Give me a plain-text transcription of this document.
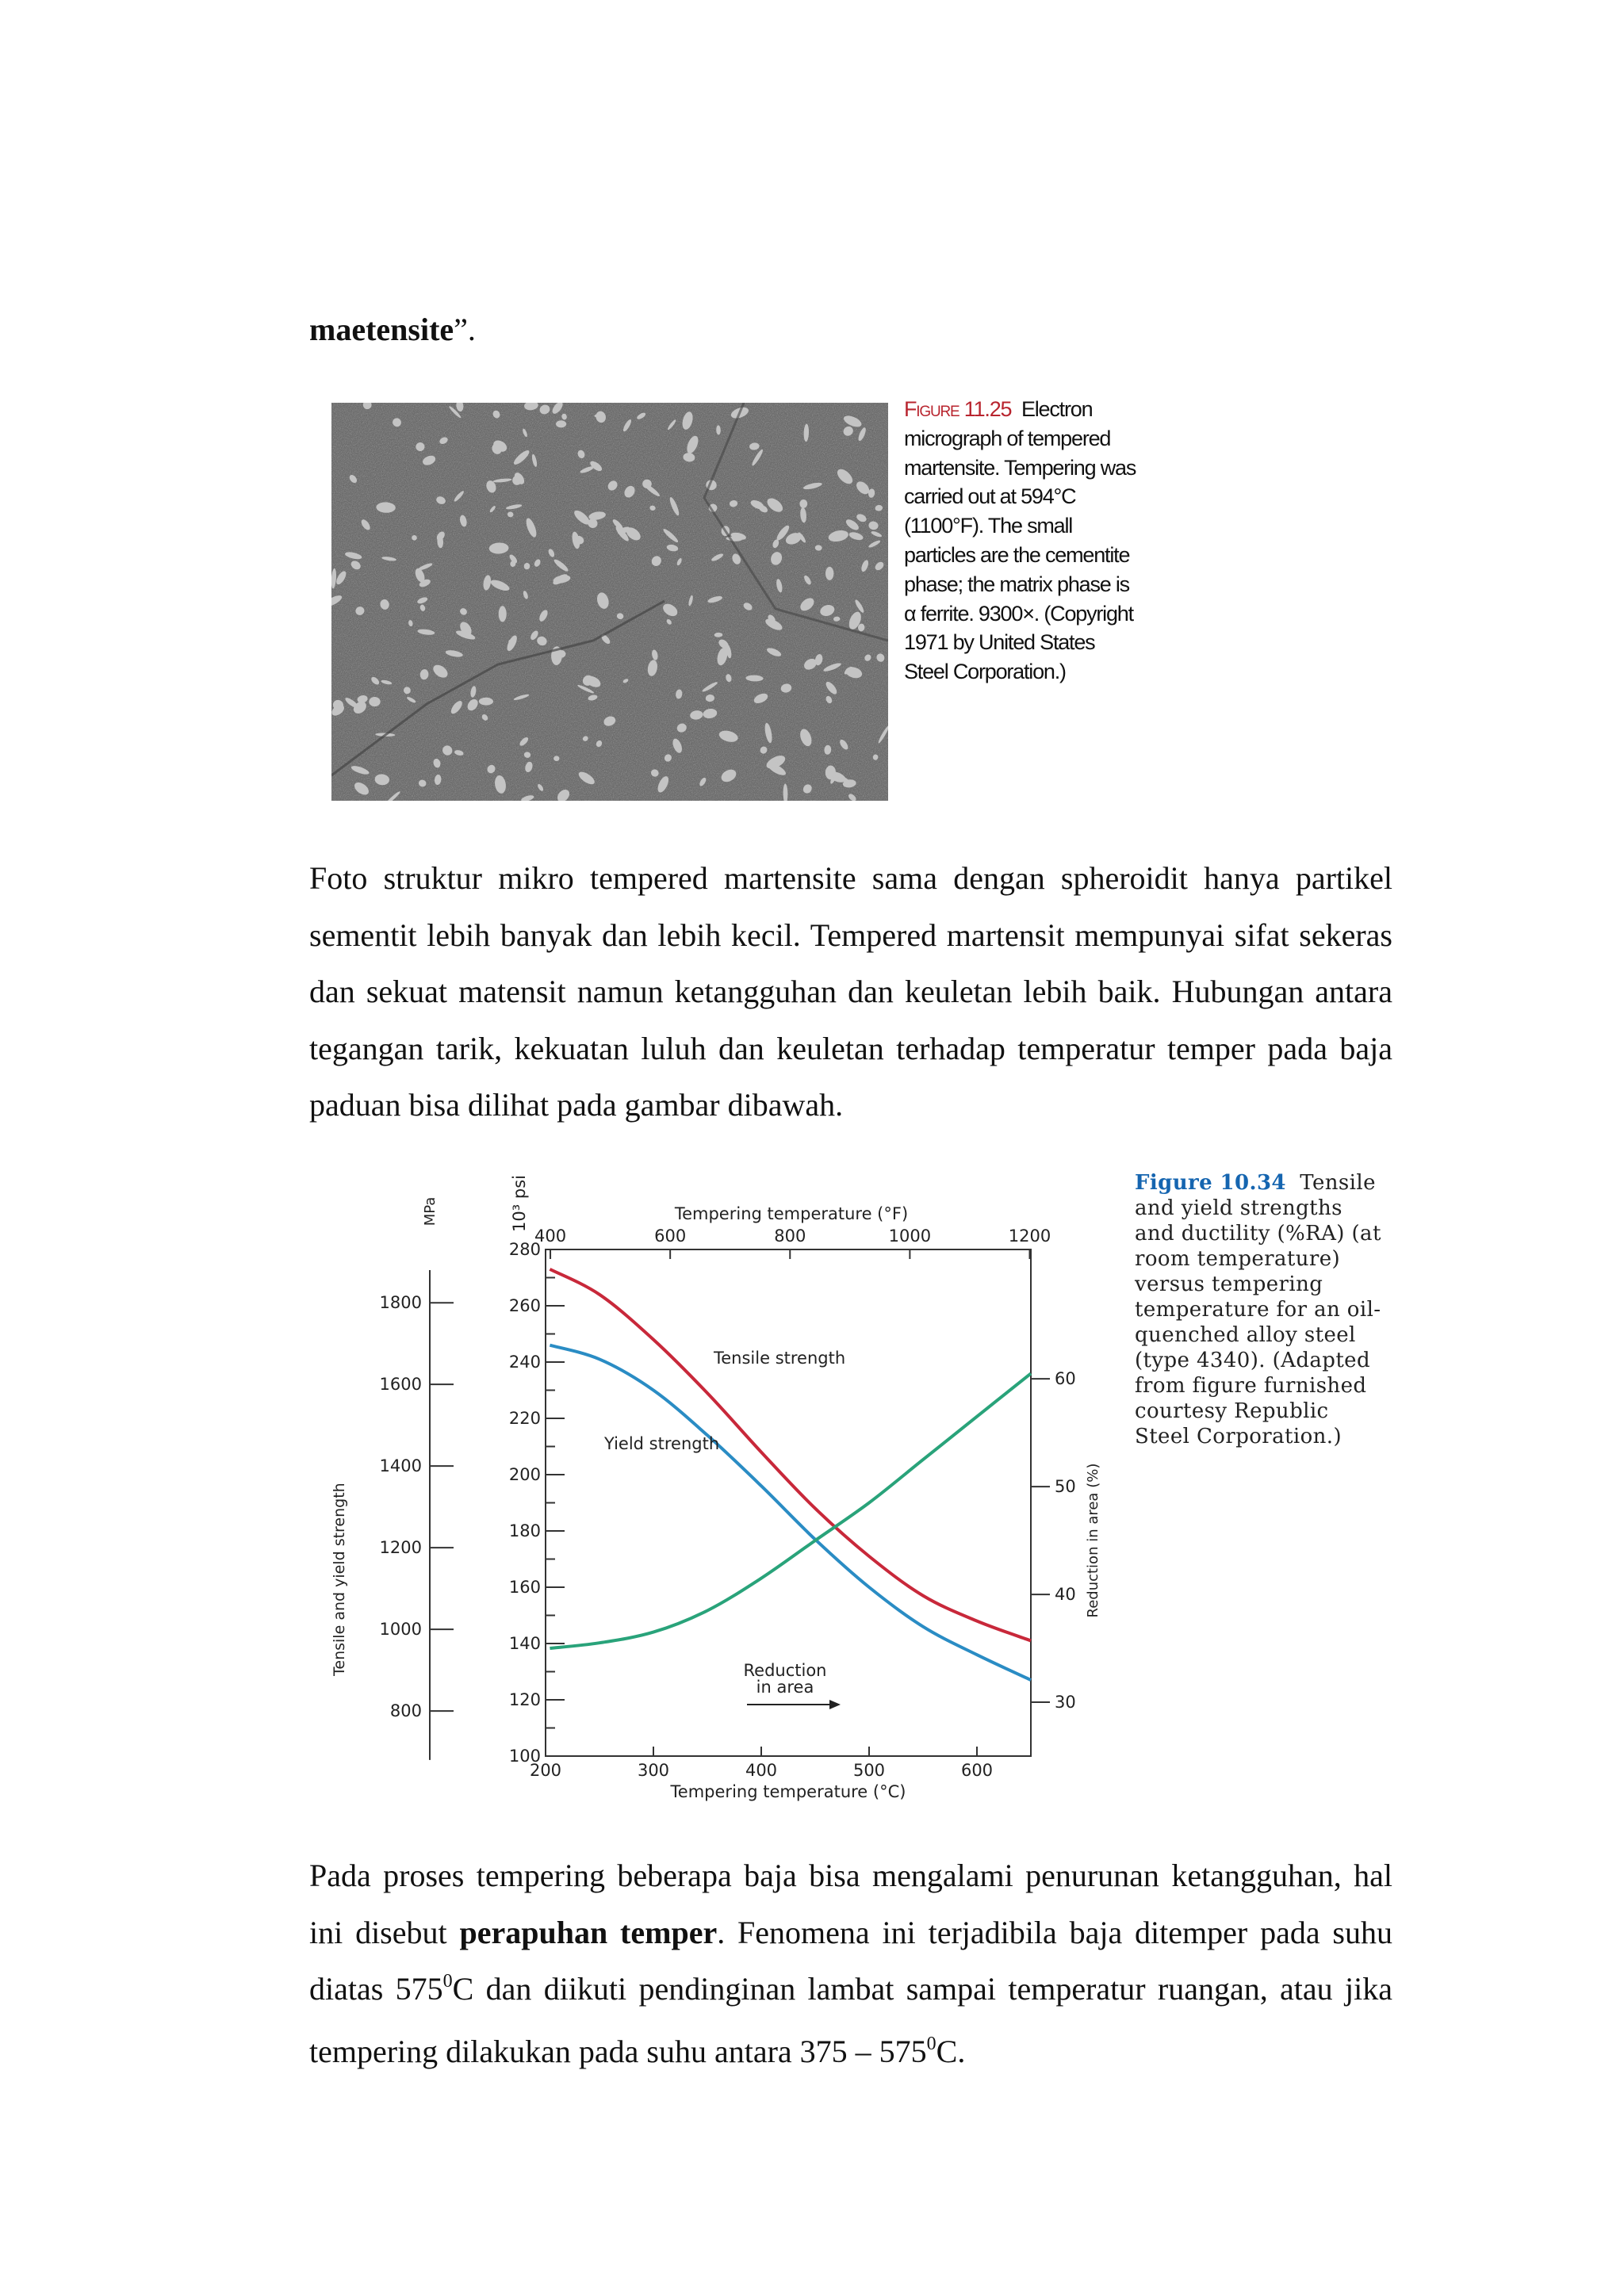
maetensite”.
Figure 11.25 Electron micrograph of tempered martensite. Tempering was carried out at 594°C (1100°F). The small particles are the cementite phase; the matrix phase is α ferrite. 9300×. (Copyright 1971 by United States Steel Corporation.)
Foto struktur mikro tempered martensite sama dengan spheroidit hanya partikel sementit lebih banyak dan lebih kecil. Tempered martensit mempunyai sifat sekeras dan sekuat matensit namun ketangguhan dan keuletan lebih baik. Hubungan antara tegangan tarik, kekuatan luluh dan keuletan terhadap temperatur temper pada baja paduan bisa dilihat pada gambar dibawah.
200	300	400	500	600
Tempering temperature (°C)
400	600	800	1000	1200
Tempering temperature (°F)
100
120
140
160
180
200
220
240
260
280
10³ psi
800
1000
1200
1400
1600
1800
MPa
Tensile and yield strength
30
40
50
60
Reduction in area (%)
Tensile strength
Yield strength
Reduction
in area
Figure 10.34 Tensile and yield strengths and ductility (%RA) (at room temperature) versus tempering temperature for an oil-quenched alloy steel (type 4340). (Adapted from figure furnished courtesy Republic Steel Corporation.)
Pada proses tempering beberapa baja bisa mengalami penurunan ketangguhan, hal ini disebut perapuhan temper. Fenomena ini terjadibila baja ditemper pada suhu diatas $575^0C$ dan diikuti pendinginan lambat sampai temperatur ruangan, atau jika tempering dilakukan pada suhu antara $375 - 575^0C$.
